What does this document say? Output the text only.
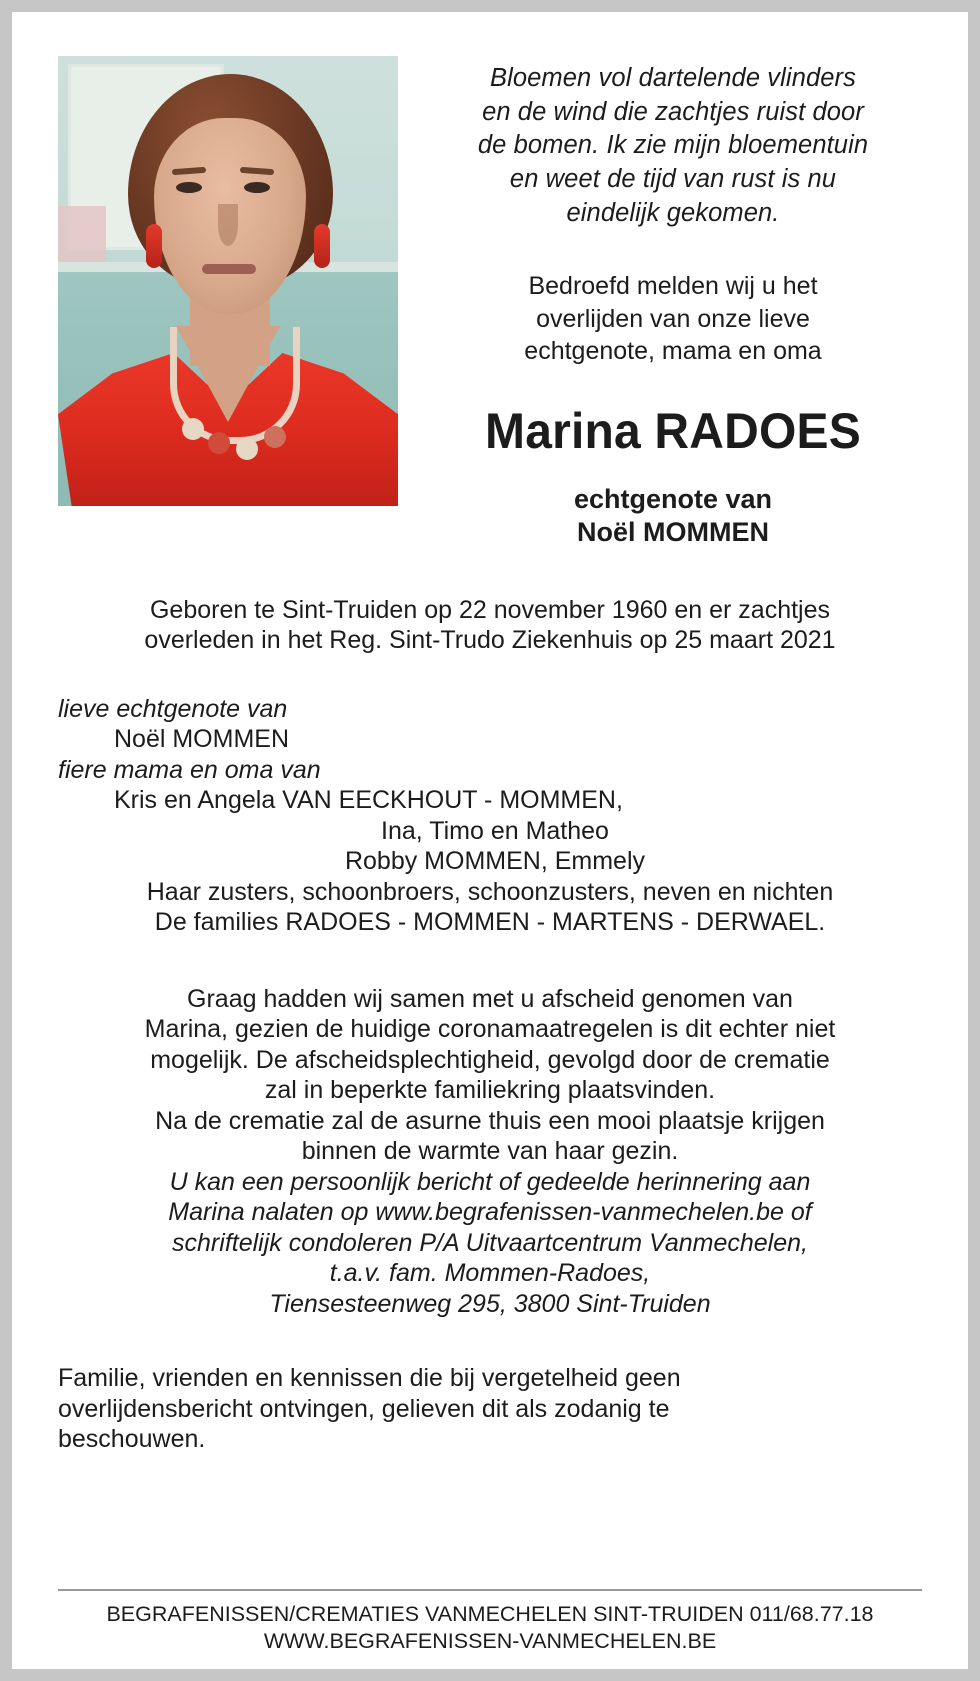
Bloemen vol dartelende vlinders
en de wind die zachtjes ruist door
de bomen. Ik zie mijn bloementuin
en weet de tijd van rust is nu
eindelijk gekomen.
Bedroefd melden wij u het
overlijden van onze lieve
echtgenote, mama en oma
Marina RADOES
echtgenote van
Noël MOMMEN
Geboren te Sint-Truiden op 22 november 1960 en er zachtjes
overleden in het Reg. Sint-Trudo Ziekenhuis op 25 maart 2021
lieve echtgenote van
Noël MOMMEN
fiere mama en oma van
Kris en Angela VAN EECKHOUT - MOMMEN,
Ina, Timo en Matheo
Robby MOMMEN, Emmely
Haar zusters, schoonbroers, schoonzusters, neven en nichten
De families RADOES - MOMMEN - MARTENS - DERWAEL.
Graag hadden wij samen met u afscheid genomen van
Marina, gezien de huidige coronamaatregelen is dit echter niet
mogelijk. De afscheidsplechtigheid, gevolgd door de crematie
zal in beperkte familiekring plaatsvinden.
Na de crematie zal de asurne thuis een mooi plaatsje krijgen
binnen de warmte van haar gezin.
U kan een persoonlijk bericht of gedeelde herinnering aan
Marina nalaten op www.begrafenissen-vanmechelen.be of
schriftelijk condoleren P/A Uitvaartcentrum Vanmechelen,
t.a.v. fam. Mommen-Radoes,
Tiensesteenweg 295, 3800 Sint-Truiden
Familie, vrienden en kennissen die bij vergetelheid geen
overlijdensbericht ontvingen, gelieven dit als zodanig te
beschouwen.
BEGRAFENISSEN/CREMATIES VANMECHELEN SINT-TRUIDEN 011/68.77.18
WWW.BEGRAFENISSEN-VANMECHELEN.BE
